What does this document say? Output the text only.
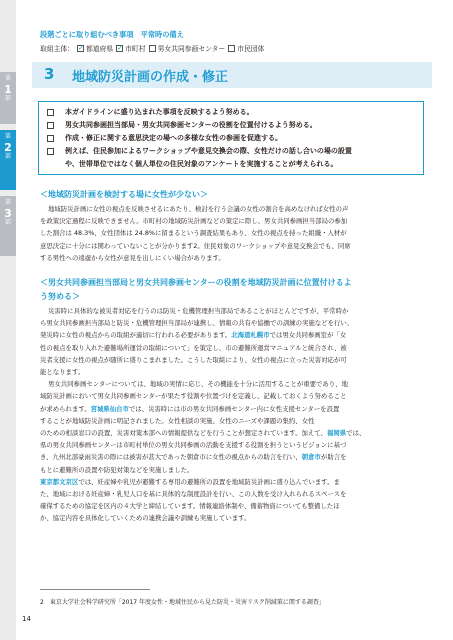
第
1
部
第
2
部
第
3
部
段階ごとに取り組むべき事項　平常時の備え
取組主体： ✓ 都道府県 ✓ 市町村 男女共同参画センター 市民団体
3 地域防災計画の作成・修正
本ガイドラインに盛り込まれた事項を反映するよう努める。
男女共同参画担当部局・男女共同参画センターの役割を位置付けるよう努める。
作成・修正に関する意思決定の場への多様な女性の参画を促進する。
例えば、住民参加によるワークショップや意見交換会の際、女性だけの話し合いの場の設置
や、世帯単位ではなく個人単位の住民対象のアンケートを実施することが考えられる。
＜地域防災計画を検討する場に女性が少ない＞
地域防災計画に女性の視点を反映させるにあたり、検討を行う会議の女性の割合を高めなければ女性の声
を政策決定過程に反映できません。市町村の地域防災計画などの策定に際し、男女共同参画担当部局の参加
した割合は 48.3%、女性団体は 24.8%に留まるという調査結果もあり、女性の視点を持った組織・人材が
意思決定に十分には関わっていないことが分かります2。住民対象のワークショップや意見交換会でも、同席
する男性への遠慮から女性が意見を出しにくい場合があります。
＜男女共同参画担当部局と男女共同参画センターの役割を地域防災計画に位置付けるよ
う努める＞
災害時に具体的な被災者対応を行うのは防災・危機管理担当部局であることがほとんどですが、平常時か
ら男女共同参画担当部局と防災・危機管理担当部局が連携し、情報の共有や協働での訓練の実施などを行い、
発災時に女性の視点からの取組が適切に行われる必要があります。北海道札幌市では男女共同参画室が「女
性の視点を取り入れた避難場所運営の取組について」を策定し、市の避難所運営マニュアルと統合され、被
災者支援に女性の視点が随所に盛りこまれました。こうした取組により、女性の視点に立った災害対応が可
能となります。
男女共同参画センターについては、地域の実情に応じ、その機能を十分に活用することが重要であり、地
域防災計画において男女共同参画センターが果たす役割や位置づけを定義し、記載しておくよう努めること
が求められます。宮城県仙台市では、災害時には市の男女共同参画センター内に女性支援センターを設置
することが地域防災計画に明記されました。女性相談の実施、女性のニーズや課題の集約、女性
のための相談窓口の設置、災害対策本部への情報提供などを行うことが想定されています。加えて、福岡県では、
県の男女共同参画センターは市町村単位の男女共同参画の活動を支援する役割を担うというビジョンに基づ
き、九州北部豪雨災害の際には被害が甚大であった朝倉市に女性の視点からの助言を行い、朝倉市が助言を
もとに避難所の設置や防犯対策などを実施しました。
東京都文京区では、妊産婦や乳児が避難する専用の避難所の設置を地域防災計画に盛り込んでいます。ま
た、地域における妊産婦・乳児人口を基に具体的な制度設計を行い、この人数を受け入れられるスペースを
確保するための協定を区内の４大学と締結しています。情報連絡体制や、備蓄物資についても整備したほ
か、協定内容を具体化していくための連携会議や訓練も実施しています。
2　東京大学社会科学研究所「2017 年度女性・地域住民から見た防災・災害リスク削減策に関する調査」
14
